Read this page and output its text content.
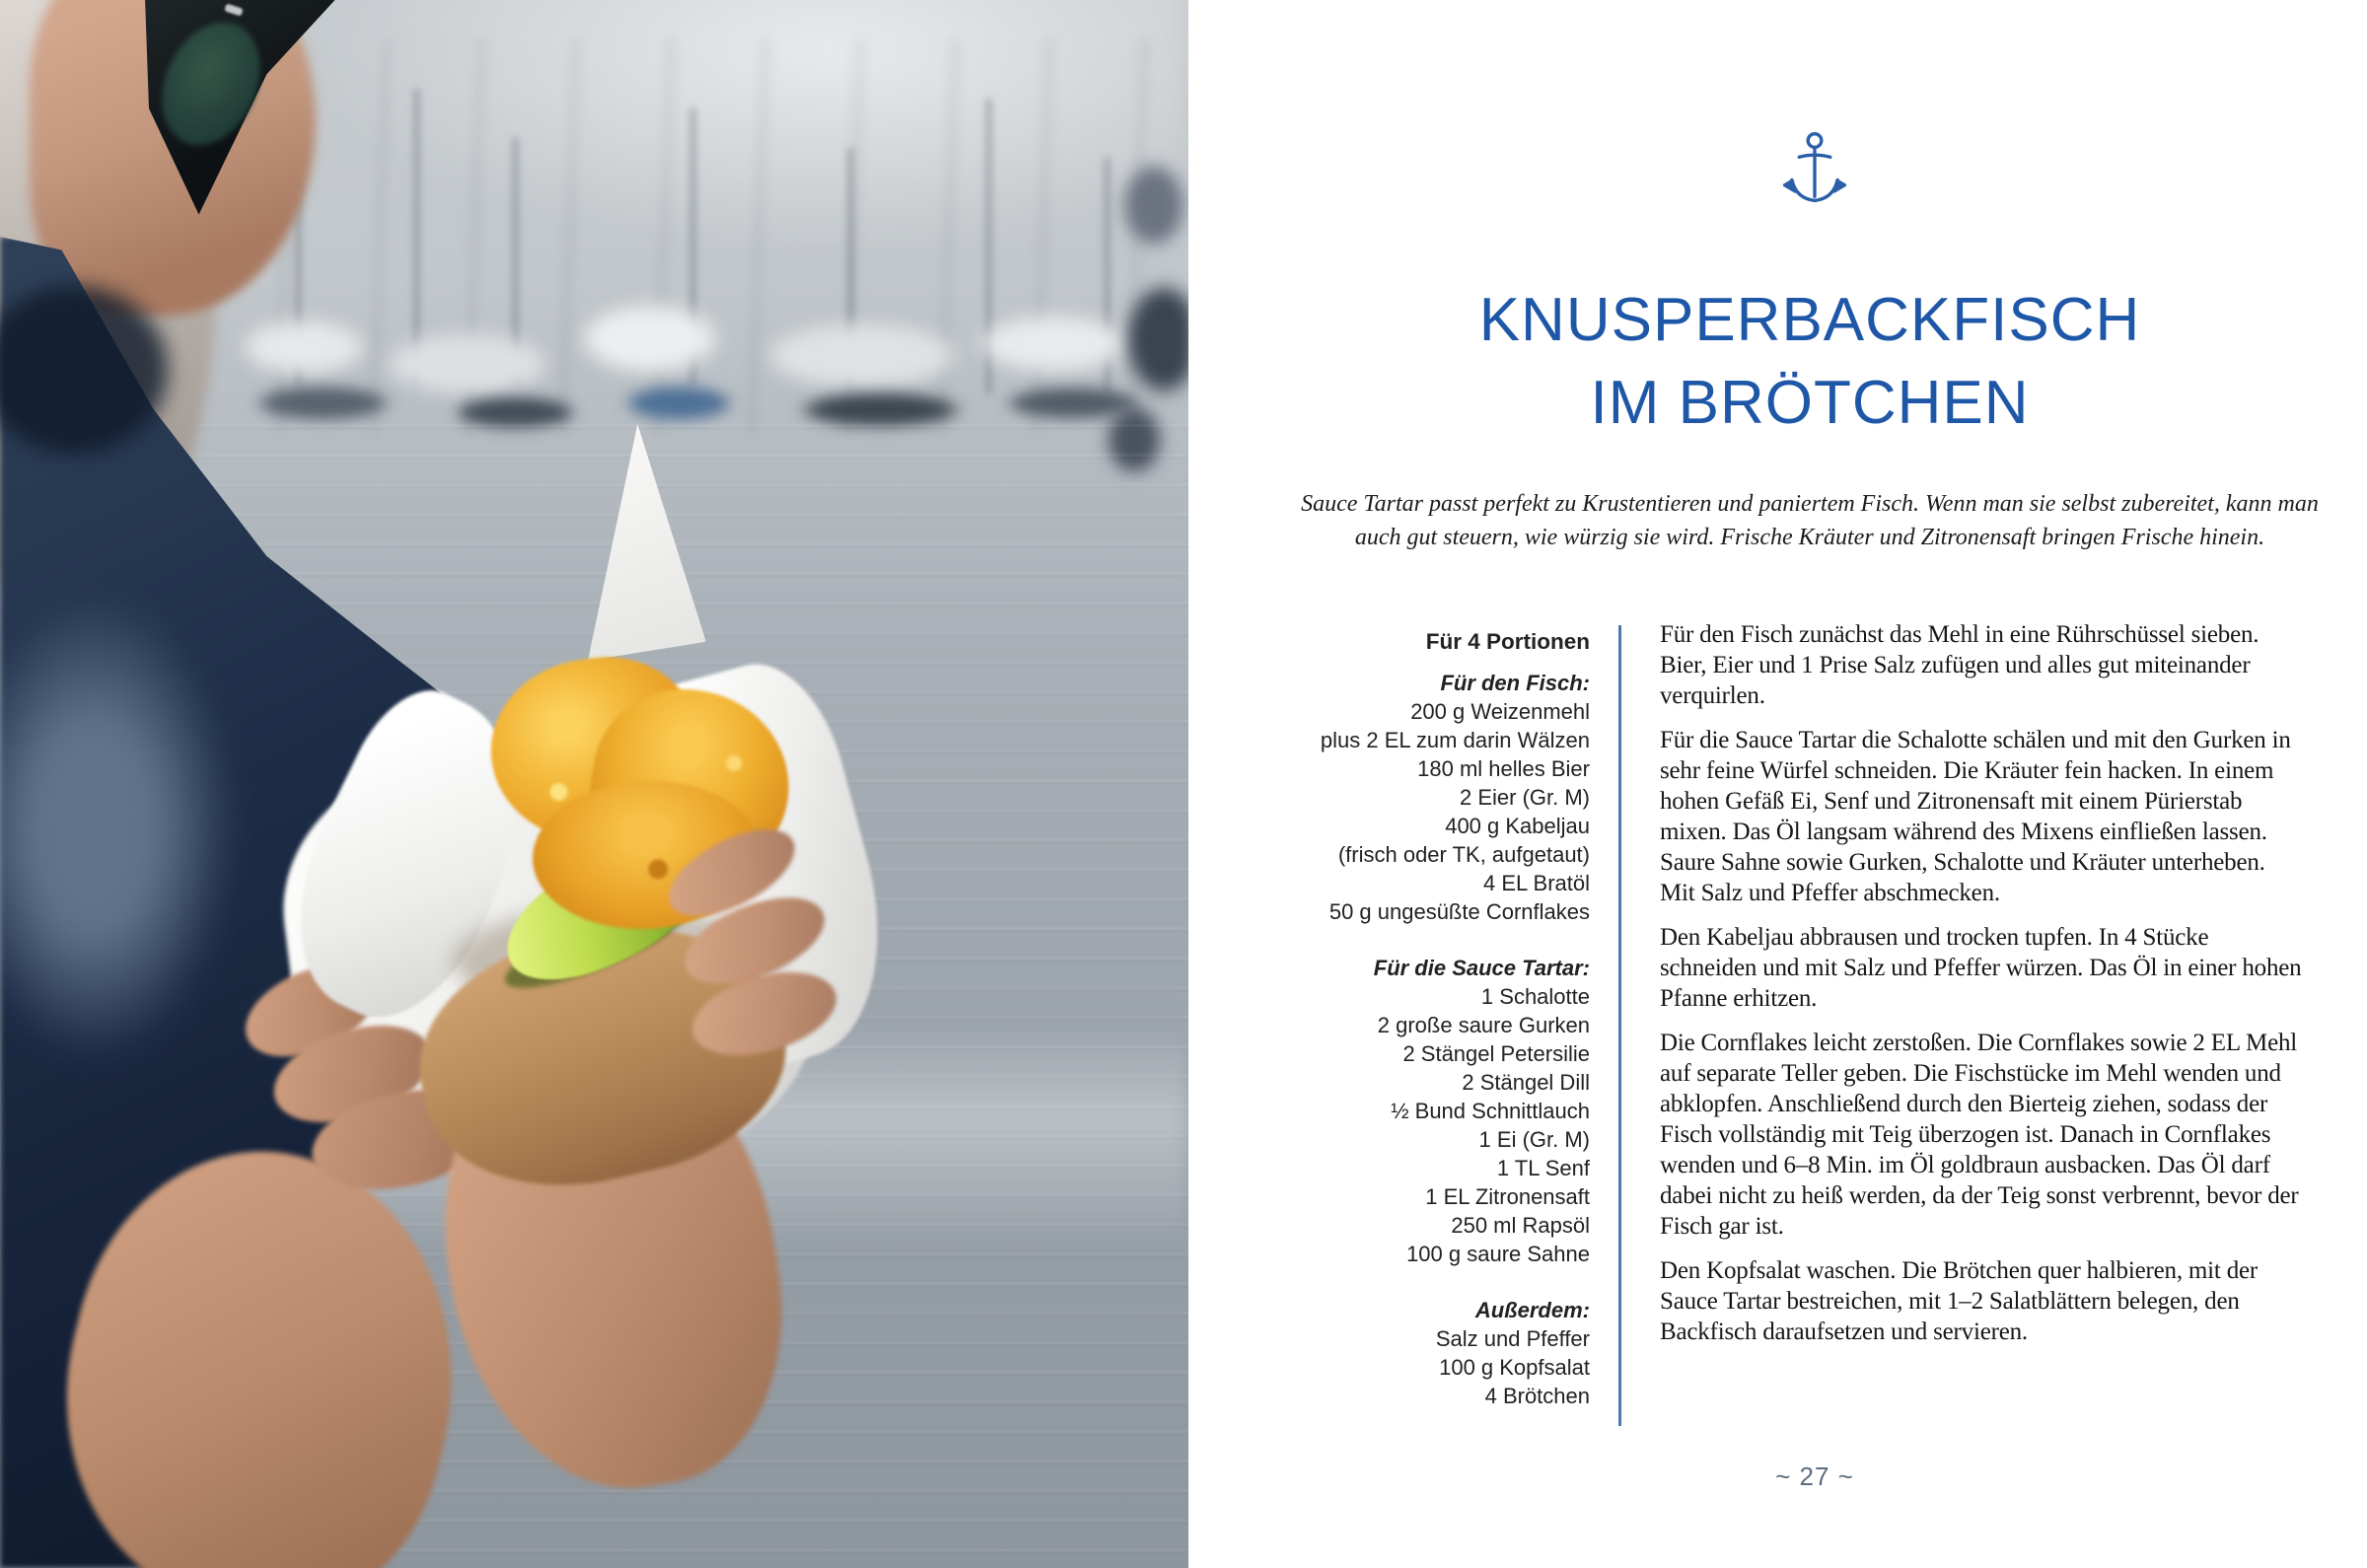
KNUSPERBACKFISCH
IM BRÖTCHEN
Sauce Tartar passt perfekt zu Krustentieren und paniertem Fisch. Wenn man sie selbst zubereitet, kann man auch gut steuern, wie würzig sie wird. Frische Kräuter und Zitronensaft bringen Frische hinein.
Für 4 Portionen
Für den Fisch:
200 g Weizenmehl
plus 2 EL zum darin Wälzen
180 ml helles Bier
2 Eier (Gr. M)
400 g Kabeljau
(frisch oder TK, aufgetaut)
4 EL Bratöl
50 g ungesüßte Cornflakes
Für die Sauce Tartar:
1 Schalotte
2 große saure Gurken
2 Stängel Petersilie
2 Stängel Dill
½ Bund Schnittlauch
1 Ei (Gr. M)
1 TL Senf
1 EL Zitronensaft
250 ml Rapsöl
100 g saure Sahne
Außerdem:
Salz und Pfeffer
100 g Kopfsalat
4 Brötchen

Für den Fisch zunächst das Mehl in eine Rührschüssel sieben. Bier, Eier und 1 Prise Salz zufügen und alles gut miteinander verquirlen.

Für die Sauce Tartar die Schalotte schälen und mit den Gurken in sehr feine Würfel schneiden. Die Kräuter fein hacken. In einem hohen Gefäß Ei, Senf und Zitronensaft mit einem Pürierstab mixen. Das Öl langsam während des Mixens einfließen lassen. Saure Sahne sowie Gurken, Schalotte und Kräuter unterheben. Mit Salz und Pfeffer abschmecken.

Den Kabeljau abbrausen und trocken tupfen. In 4 Stücke schneiden und mit Salz und Pfeffer würzen. Das Öl in einer hohen Pfanne erhitzen.

Die Cornflakes leicht zerstoßen. Die Cornflakes sowie 2 EL Mehl auf separate Teller geben. Die Fischstücke im Mehl wenden und abklopfen. Anschließend durch den Bierteig ziehen, sodass der Fisch vollständig mit Teig überzogen ist. Danach in Cornflakes wenden und 6–8 Min. im Öl goldbraun ausbacken. Das Öl darf dabei nicht zu heiß werden, da der Teig sonst verbrennt, bevor der Fisch gar ist.

Den Kopfsalat waschen. Die Brötchen quer halbieren, mit der Sauce Tartar bestreichen, mit 1–2 Salatblättern belegen, den Backfisch daraufsetzen und servieren.

~ 27 ~
